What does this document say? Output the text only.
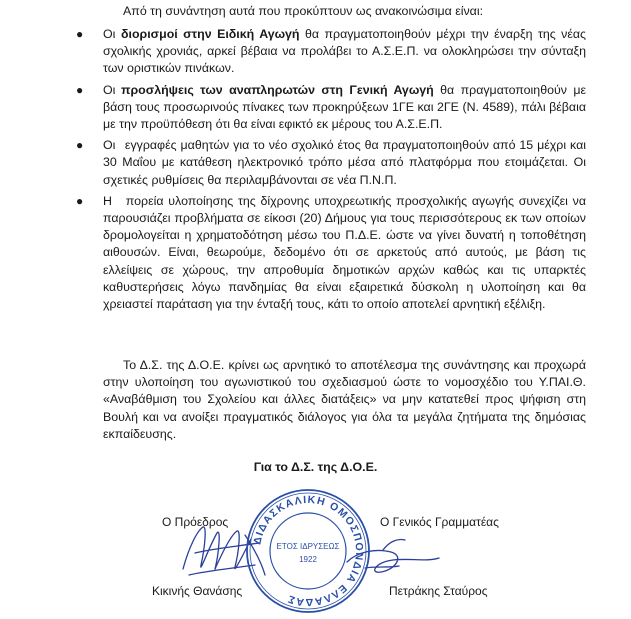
Από τη συνάντηση αυτά που προκύπτουν ως ανακοινώσιμα είναι:
● Οι διορισμοί στην Ειδική Αγωγή θα πραγματοποιηθούν μέχρι την έναρξη της νέας σχολικής χρονιάς, αρκεί βέβαια να προλάβει το Α.Σ.Ε.Π. να ολοκληρώσει την σύνταξη των οριστικών πινάκων.

● Οι προσλήψεις των αναπληρωτών στη Γενική Αγωγή θα πραγματοποιηθούν με βάση τους προσωρινούς πίνακες των προκηρύξεων 1ΓΕ και 2ΓΕ (Ν. 4589), πάλι βέβαια με την προϋπόθεση ότι θα είναι εφικτό εκ μέρους του Α.Σ.Ε.Π.

● Οι εγγραφές μαθητών για το νέο σχολικό έτος θα πραγματοποιηθούν από 15 μέχρι και 30 Μαΐου με κατάθεση ηλεκτρονικό τρόπο μέσα από πλατφόρμα που ετοιμάζεται. Οι σχετικές ρυθμίσεις θα περιλαμβάνονται σε νέα Π.Ν.Π.

● Η πορεία υλοποίησης της δίχρονης υποχρεωτικής προσχολικής αγωγής συνεχίζει να παρουσιάζει προβλήματα σε είκοσι (20) Δήμους για τους περισσότερους εκ των οποίων δρομολογείται η χρηματοδότηση μέσω του Π.Δ.Ε. ώστε να γίνει δυνατή η τοποθέτηση αιθουσών. Είναι, θεωρούμε, δεδομένο ότι σε αρκετούς από αυτούς, με βάση τις ελλείψεις σε χώρους, την απροθυμία δημοτικών αρχών καθώς και τις υπαρκτές καθυστερήσεις λόγω πανδημίας θα είναι εξαιρετικά δύσκολη η υλοποίηση και θα χρειαστεί παράταση για την ένταξή τους, κάτι το οποίο αποτελεί αρνητική εξέλιξη.

Το Δ.Σ. της Δ.Ο.Ε. κρίνει ως αρνητικό το αποτέλεσμα της συνάντησης και προχωρά στην υλοποίηση του αγωνιστικού του σχεδιασμού ώστε το νομοσχέδιο του Υ.ΠΑΙ.Θ. «Αναβάθμιση του Σχολείου και άλλες διατάξεις» να μην κατατεθεί προς ψήφιση στη Βουλή και να ανοίξει πραγματικός διάλογος για όλα τα μεγάλα ζητήματα της δημόσιας εκπαίδευσης.

Για το Δ.Σ. της Δ.Ο.Ε.
Ο Πρόεδρος	Ο Γενικός Γραμματέας
ΔΙΔΑΣΚΑΛΙΚΗ ΟΜΟΣΠΟΝΔΙΑ ΕΛΛΑΔΑΣ
ΕΤΟΣ ΙΔΡΥΣΕΩΣ
1922
Κικινής Θανάσης	Πετράκης Σταύρος
